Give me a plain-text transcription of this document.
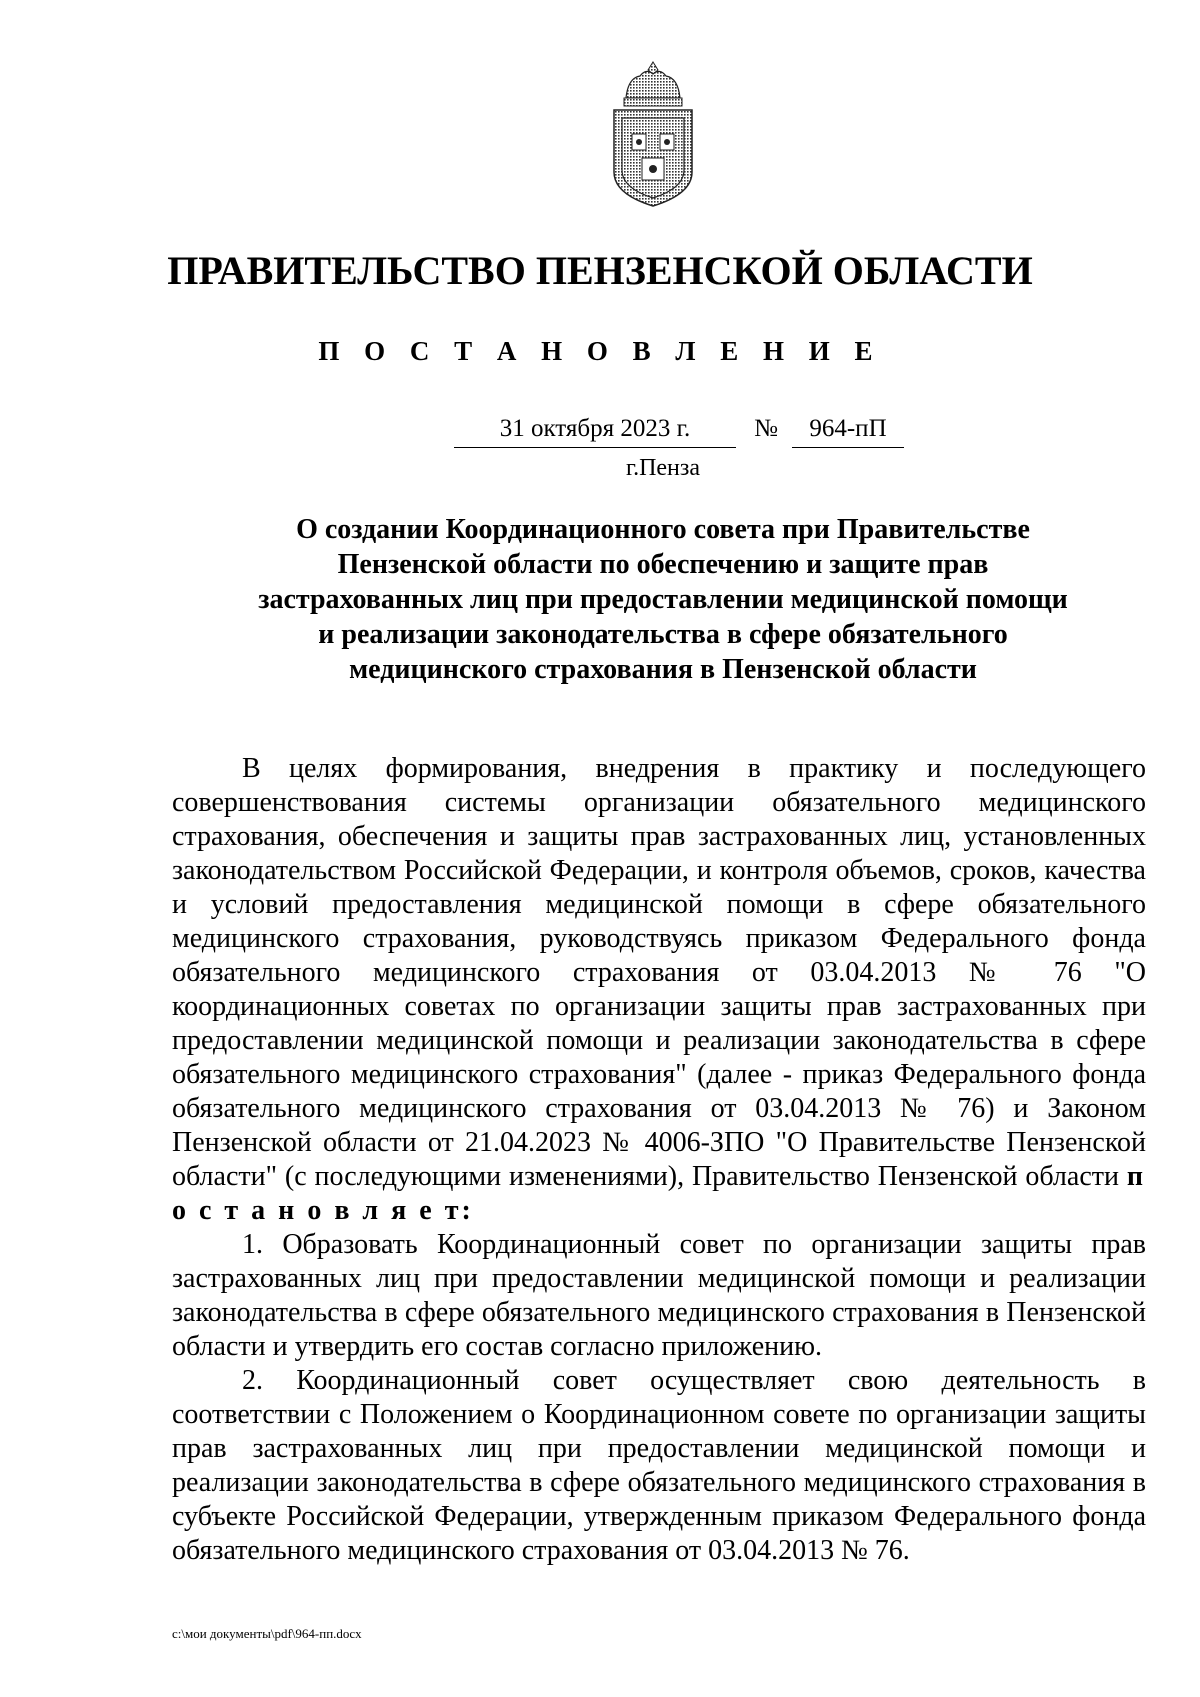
ПРАВИТЕЛЬСТВО ПЕНЗЕНСКОЙ ОБЛАСТИ
П О С Т А Н О В Л Е Н И Е
31 октября 2023 г.	№	964-пП
г.Пенза
О создании Координационного совета при Правительстве
Пензенской области по обеспечению и защите прав
застрахованных лиц при предоставлении медицинской помощи
и реализации законодательства в сфере обязательного
медицинского страхования в Пензенской области

В целях формирования, внедрения в практику и последующего совершенствования системы организации обязательного медицинского страхования, обеспечения и защиты прав застрахованных лиц, установленных законодательством Российской Федерации, и контроля объемов, сроков, качества и условий предоставления медицинской помощи в сфере обязательного медицинского страхования, руководствуясь приказом Федерального фонда обязательного медицинского страхования от 03.04.2013 № 76 "О координационных советах по организации защиты прав застрахованных при предоставлении медицинской помощи и реализации законодательства в сфере обязательного медицинского страхования" (далее - приказ Федерального фонда обязательного медицинского страхования от 03.04.2013 № 76) и Законом Пензенской области от 21.04.2023 № 4006-ЗПО "О Правительстве Пензенской области" (с последующими изменениями), Правительство Пензенской области п о с т а н о в л я е т:

1. Образовать Координационный совет по организации защиты прав застрахованных лиц при предоставлении медицинской помощи и реализации законодательства в сфере обязательного медицинского страхования в Пензенской области и утвердить его состав согласно приложению.

2. Координационный совет осуществляет свою деятельность в соответствии с Положением о Координационном совете по организации защиты прав застрахованных лиц при предоставлении медицинской помощи и реализации законодательства в сфере обязательного медицинского страхования в субъекте Российской Федерации, утвержденным приказом Федерального фонда обязательного медицинского страхования от 03.04.2013 № 76.

c:\мои документы\pdf\964-пп.docx
